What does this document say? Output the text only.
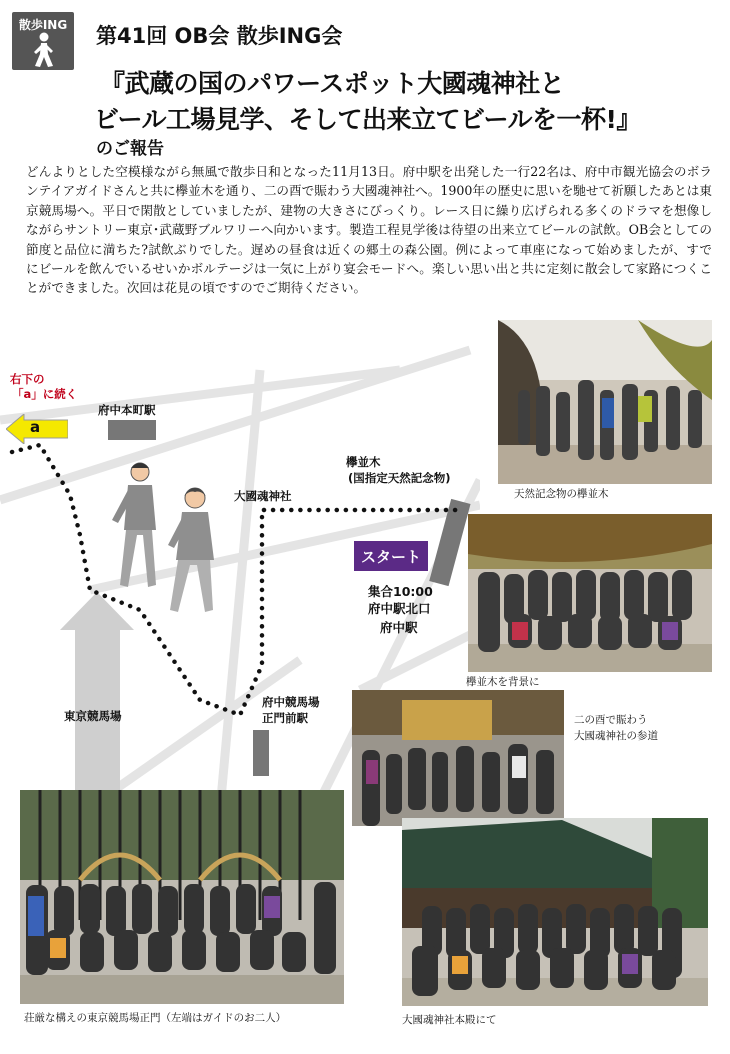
散歩ING	第41回 OB会 散歩ING会
『武蔵の国のパワースポット大國魂神社と
ビール工場見学、そして出来立てビールを一杯!』
のご報告
どんよりとした空模様ながら無風で散歩日和となった11月13日。府中駅を出発した一行22名は、府中市観光協会のボランテイアガイドさんと共に欅並木を通り、二の酉で賑わう大國魂神社へ。1900年の歴史に思いを馳せて祈願したあとは東京競馬場へ。平日で閑散としていましたが、建物の大きさにびっくり。レース日に繰り広げられる多くのドラマを想像しながらサントリー東京･武蔵野ブルワリーへ向かいます。製造工程見学後は待望の出来立てビールの試飲。OB会としての節度と品位に満ちた?試飲ぶりでした。遅めの昼食は近くの郷土の森公園。例によって車座になって始めましたが、すでにビールを飲んでいるせいかボルテージは一気に上がり宴会モードへ。楽しい思い出と共に定刻に散会して家路につくことができました。次回は花見の頃ですのでご期待ください。
a
右下の
「a」に続く
府中本町駅
大國魂神社
欅並木
(国指定天然記念物)
スタート
集合10:00
府中駅北口
府中駅
東京競馬場
府中競馬場
正門前駅
天然記念物の欅並木
欅並木を背景に
二の酉で賑わう
大國魂神社の参道
荘厳な構えの東京競馬場正門（左端はガイドのお二人）	大國魂神社本殿にて
